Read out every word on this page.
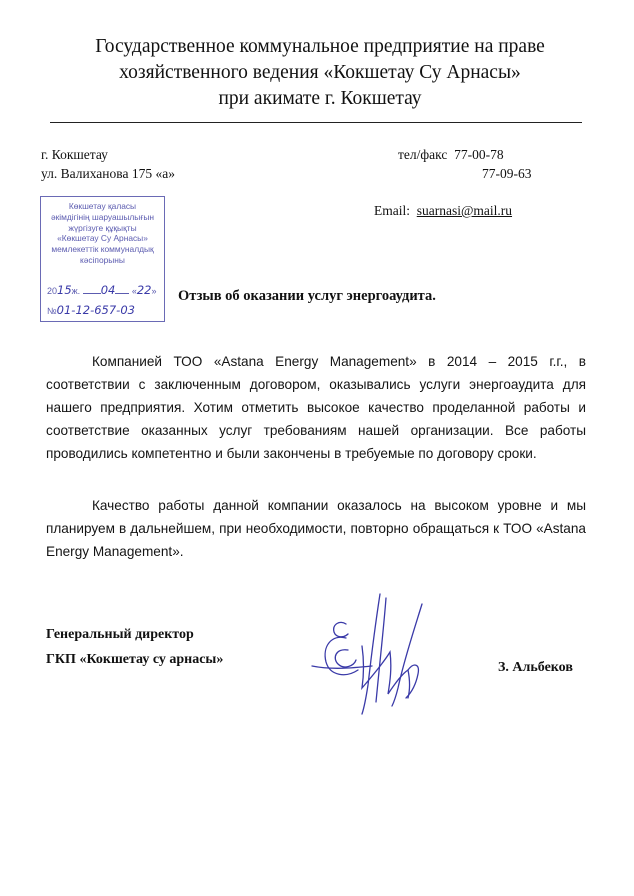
Государственное коммунальное предприятие на праве
хозяйственного ведения «Кокшетау Су Арнасы»
при акимате г. Кокшетау
г. Кокшетау
ул. Валиханова 175 «а»
тел/факс 77-00-78
77-09-63
Email: suarnasi@mail.ru
Көкшетау қаласы
әкімдігінің шаруашылығын
жүргізуге құқықты
«Көкшетау Су Арнасы»
мемлекеттік коммуналдық
кәсіпорыны
2015ж. 04 «22»
№01-12-657-03
Отзыв об оказании услуг энергоаудита.
Компанией ТОО «Astana Energy Management» в 2014 – 2015 г.г., в соответствии с заключенным договором, оказывались услуги энергоаудита для нашего предприятия. Хотим отметить высокое качество проделанной работы и соответствие оказанных услуг требованиям нашей организации. Все работы проводились компетентно и были закончены в требуемые по договору сроки.
Качество работы данной компании оказалось на высоком уровне и мы планируем в дальнейшем, при необходимости, повторно обращаться к ТОО «Astana Energy Management».
Генеральный директор
ГКП «Кокшетау су арнасы»
З. Альбеков
